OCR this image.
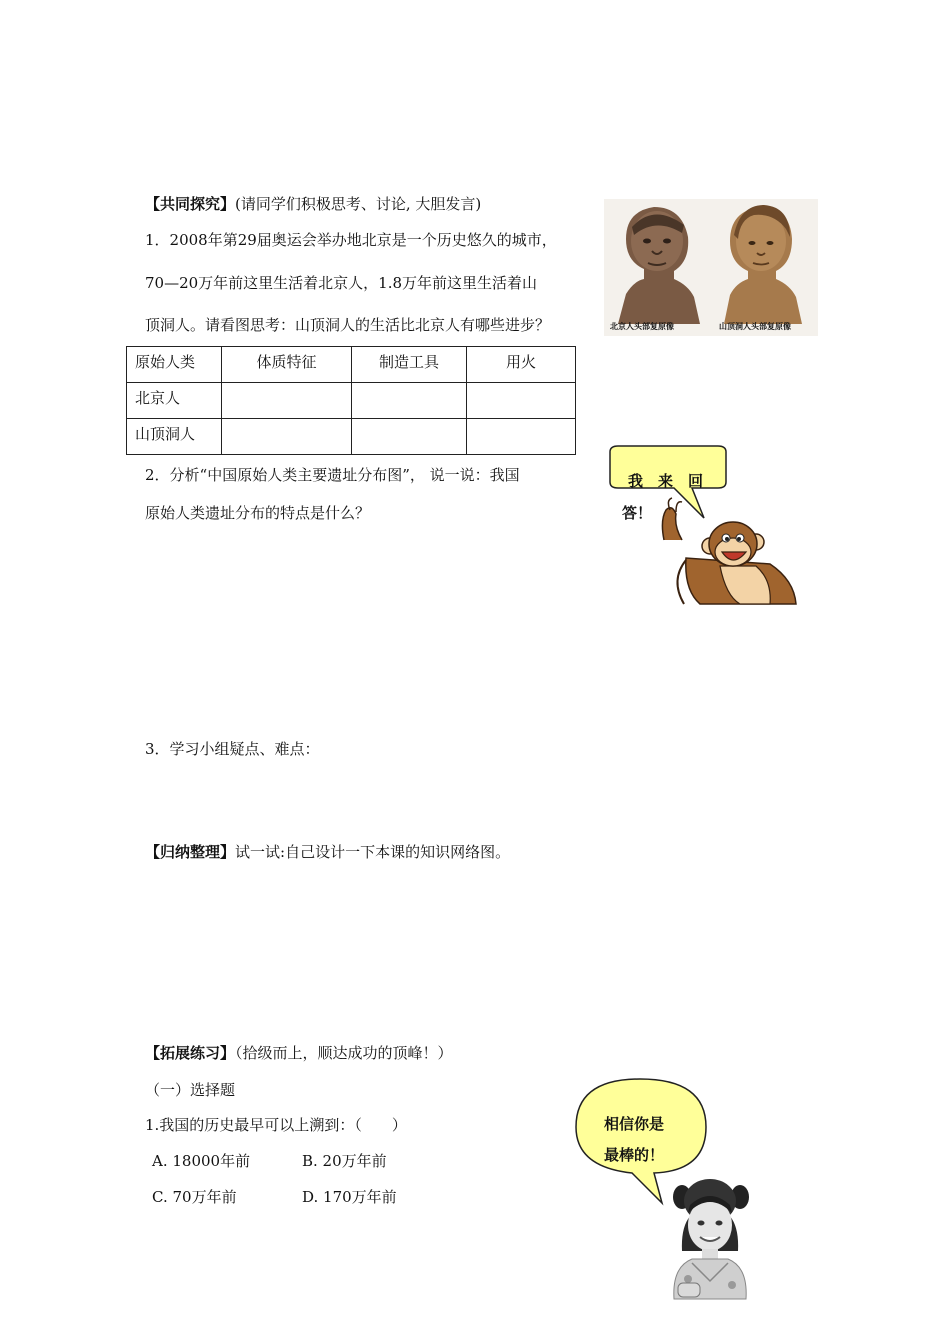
【共同探究】(请同学们积极思考、讨论, 大胆发言)
1．2008年第29届奥运会举办地北京是一个历史悠久的城市，
70—20万年前这里生活着北京人，1.8万年前这里生活着山
顶洞人。请看图思考：山顶洞人的生活比北京人有哪些进步？	北京人头部复原像	山顶洞人头部复原像
原始人类	体质特征	制造工具	用火
北京人			
山顶洞人			
2．分析“中国原始人类主要遗址分布图”， 说一说：我国
原始人类遗址分布的特点是什么？
我　来　回
答！
3．学习小组疑点、难点：
【归纳整理】试一试:自己设计一下本课的知识网络图。
【拓展练习】（拾级而上，顺达成功的顶峰！）
（一）选择题
1.我国的历史最早可以上溯到：（　　）
A. 18000年前	B. 20万年前
C. 70万年前	D. 170万年前
相信你是
最棒的！
